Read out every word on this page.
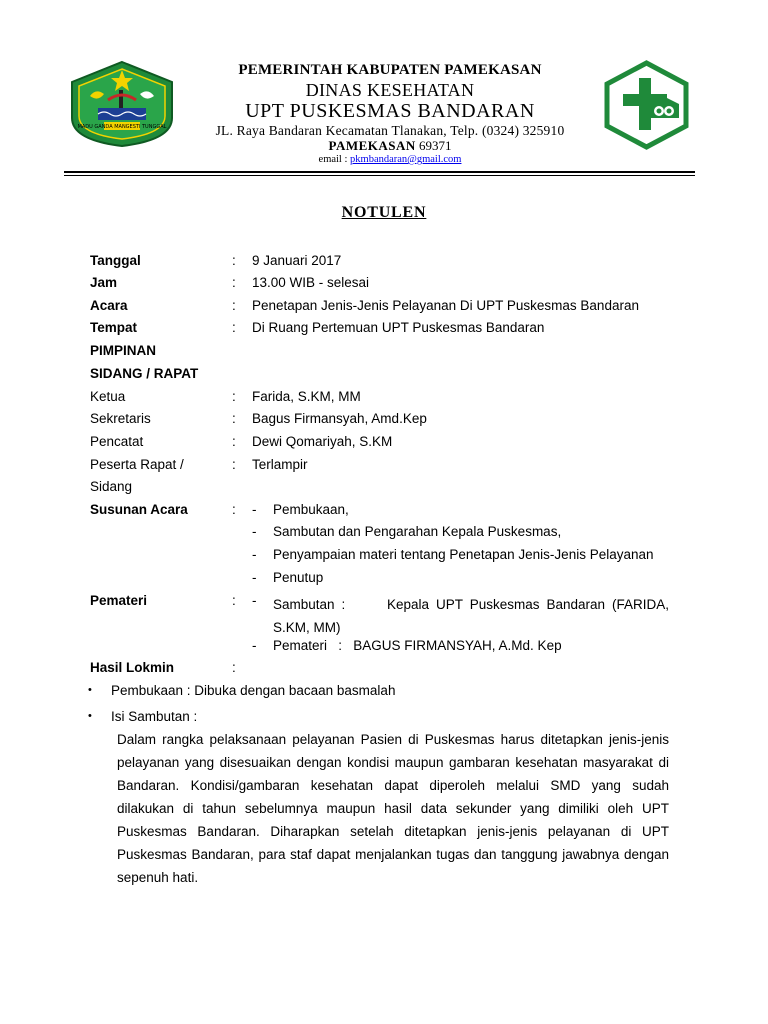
MADU GANDA MANGESTI TUNGGAL
PEMERINTAH KABUPATEN PAMEKASAN
DINAS KESEHATAN
UPT PUSKESMAS BANDARAN
JL. Raya Bandaran Kecamatan Tlanakan, Telp. (0324) 325910
PAMEKASAN 69371
email : pkmbandaran@gmail.com
NOTULEN
Tanggal	: 9 Januari 2017
Jam	: 13.00 WIB - selesai
Acara	: Penetapan Jenis-Jenis Pelayanan Di UPT Puskesmas Bandaran
Tempat	: Di Ruang Pertemuan UPT Puskesmas Bandaran
PIMPINAN
SIDANG / RAPAT
Ketua	: Farida, S.KM, MM
Sekretaris	: Bagus Firmansyah, Amd.Kep
Pencatat	: Dewi Qomariyah, S.KM
Peserta Rapat /	: Terlampir
Sidang
Susunan Acara	: - Pembukaan,
- Sambutan dan Pengarahan Kepala Puskesmas,
- Penyampaian materi tentang Penetapan Jenis-Jenis Pelayanan
- Penutup
Pemateri	: - Sambutan :      Kepala UPT Puskesmas Bandaran (FARIDA, S.KM, MM)
- Pemateri   :   BAGUS FIRMANSYAH, A.Md. Kep
Hasil Lokmin	:
• Pembukaan : Dibuka dengan bacaan basmalah
• Isi Sambutan :
Dalam rangka pelaksanaan pelayanan Pasien di Puskesmas harus ditetapkan jenis-jenis pelayanan yang disesuaikan dengan kondisi maupun gambaran kesehatan masyarakat di Bandaran. Kondisi/gambaran kesehatan dapat diperoleh melalui SMD yang sudah dilakukan di tahun sebelumnya maupun hasil data sekunder yang dimiliki oleh UPT Puskesmas Bandaran. Diharapkan setelah ditetapkan jenis-jenis pelayanan di UPT Puskesmas Bandaran, para staf dapat menjalankan tugas dan tanggung jawabnya dengan sepenuh hati.
